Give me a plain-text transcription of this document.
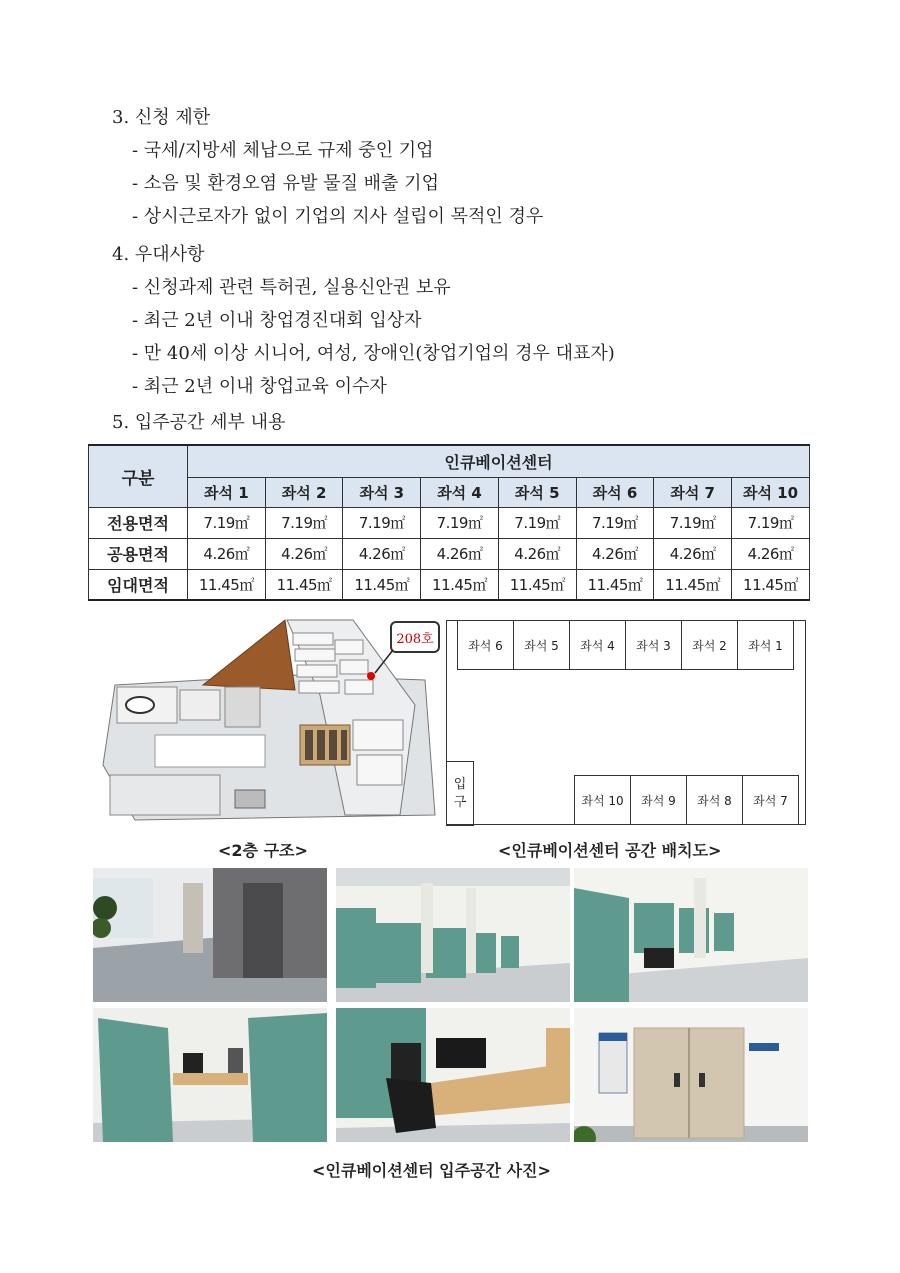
3. 신청 제한
- 국세/지방세 체납으로 규제 중인 기업
- 소음 및 환경오염 유발 물질 배출 기업
- 상시근로자가 없이 기업의 지사 설립이 목적인 경우
4. 우대사항
- 신청과제 관련 특허권, 실용신안권 보유
- 최근 2년 이내 창업경진대회 입상자
- 만 40세 이상 시니어, 여성, 장애인(창업기업의 경우 대표자)
- 최근 2년 이내 창업교육 이수자
5. 입주공간 세부 내용
구분	인큐베이션센터							
	좌석 1	좌석 2	좌석 3	좌석 4	좌석 5	좌석 6	좌석 7	좌석 10
전용면적	7.19㎡	7.19㎡	7.19㎡	7.19㎡	7.19㎡	7.19㎡	7.19㎡	7.19㎡
공용면적	4.26㎡	4.26㎡	4.26㎡	4.26㎡	4.26㎡	4.26㎡	4.26㎡	4.26㎡
임대면적	11.45㎡	11.45㎡	11.45㎡	11.45㎡	11.45㎡	11.45㎡	11.45㎡	11.45㎡
208호	좌석 6	좌석 5	좌석 4	좌석 3	좌석 2	좌석 1
좌석 10	좌석 9	좌석 8	좌석 7
입
구
<2층 구조>	<인큐베이션센터 공간 배치도>
<인큐베이션센터 입주공간 사진>
